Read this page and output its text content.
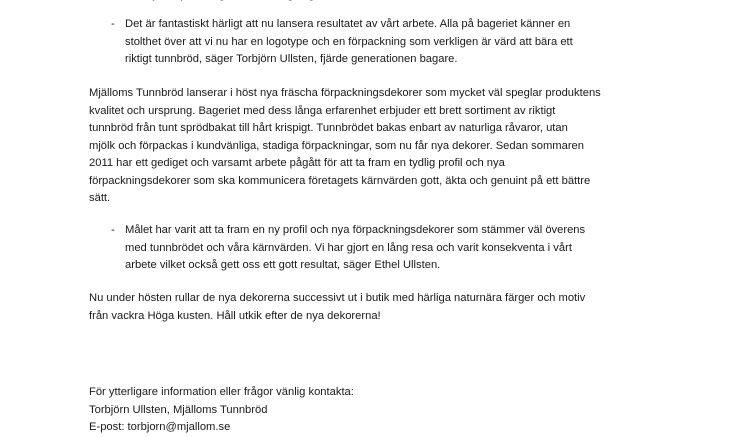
- Det är fantastiskt härligt att nu lansera resultatet av vårt arbete. Alla på bageriet känner en
stolthet över att vi nu har en logotype och en förpackning som verkligen är värd att bära ett
riktigt tunnbröd, säger Torbjörn Ullsten, fjärde generationen bagare.
Mjälloms Tunnbröd lanserar i höst nya fräscha förpackningsdekorer som mycket väl speglar produktens
kvalitet och ursprung. Bageriet med dess långa erfarenhet erbjuder ett brett sortiment av riktigt
tunnbröd från tunt sprödbakat till hårt krispigt. Tunnbrödet bakas enbart av naturliga råvaror, utan
mjölk och förpackas i kundvänliga, stadiga förpackningar, som nu får nya dekorer. Sedan sommaren
2011 har ett gediget och varsamt arbete pågått för att ta fram en tydlig profil och nya
förpackningsdekorer som ska kommunicera företagets kärnvärden gott, äkta och genuint på ett bättre
sätt.
- Målet har varit att ta fram en ny profil och nya förpackningsdekorer som stämmer väl överens
med tunnbrödet och våra kärnvärden. Vi har gjort en lång resa och varit konsekventa i vårt
arbete vilket också gett oss ett gott resultat, säger Ethel Ullsten.
Nu under hösten rullar de nya dekorerna successivt ut i butik med härliga naturnära färger och motiv
från vackra Höga kusten. Håll utkik efter de nya dekorerna!
För ytterligare information eller frågor vänlig kontakta:
Torbjörn Ullsten, Mjälloms Tunnbröd
E-post: torbjorn@mjallom.se
